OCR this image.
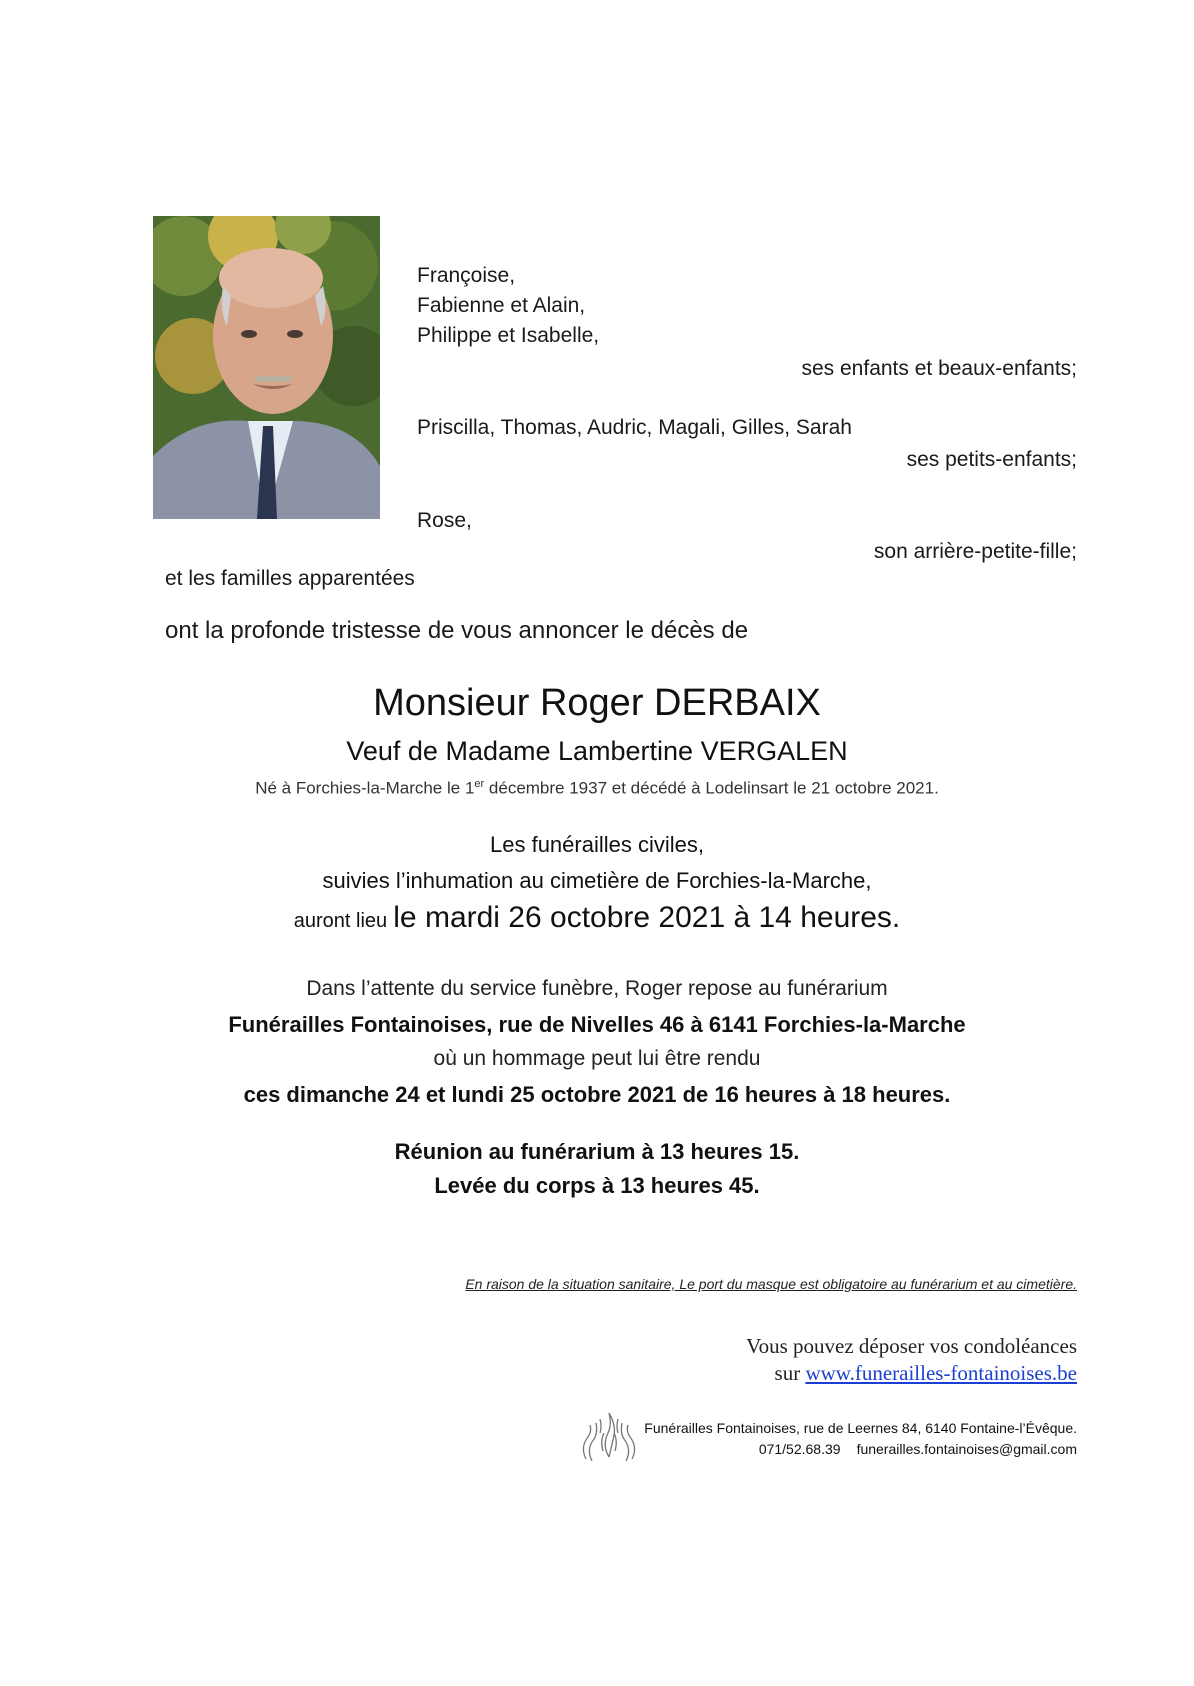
Françoise,
Fabienne et Alain,
Philippe et Isabelle,
ses enfants et beaux-enfants;
Priscilla, Thomas, Audric, Magali, Gilles, Sarah
ses petits-enfants;
Rose,
son arrière-petite-fille;
et les familles apparentées
ont la profonde tristesse de vous annoncer le décès de
Monsieur Roger DERBAIX
Veuf de Madame Lambertine VERGALEN
Né à Forchies-la-Marche le 1er décembre 1937 et décédé à Lodelinsart le 21 octobre 2021.
Les funérailles civiles,
suivies l’inhumation au cimetière de Forchies-la-Marche,
auront lieu le mardi 26 octobre 2021 à 14 heures.
Dans l’attente du service funèbre, Roger repose au funérarium
Funérailles Fontainoises, rue de Nivelles 46 à 6141 Forchies-la-Marche
où un hommage peut lui être rendu
ces dimanche 24 et lundi 25 octobre 2021 de 16 heures à 18 heures.
Réunion au funérarium à 13 heures 15.
Levée du corps à 13 heures 45.
En raison de la situation sanitaire, Le port du masque est obligatoire au funérarium et au cimetière.
Vous pouvez déposer vos condoléances
sur www.funerailles-fontainoises.be
Funérailles Fontainoises, rue de Leernes 84, 6140 Fontaine-l’Évêque.
071/52.68.39 funerailles.fontainoises@gmail.com
